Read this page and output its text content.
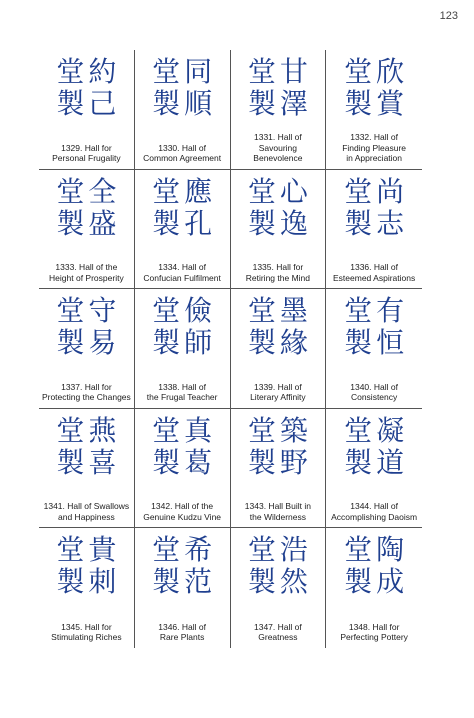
123
約
己
堂
製
1329. Hall for
Personal Frugality
同
順
堂
製
1330. Hall of
Common Agreement
甘
澤
堂
製
1331. Hall of
Savouring
Benevolence
欣
賞
堂
製
1332. Hall of
Finding Pleasure
in Appreciation
全
盛
堂
製
1333. Hall of the
Height of Prosperity
應
孔
堂
製
1334. Hall of
Confucian Fulfilment
心
逸
堂
製
1335. Hall for
Retiring the Mind
尚
志
堂
製
1336. Hall of
Esteemed Aspirations
守
易
堂
製
1337. Hall for
Protecting the Changes
儉
師
堂
製
1338. Hall of
the Frugal Teacher
墨
緣
堂
製
1339. Hall of
Literary Affinity
有
恒
堂
製
1340. Hall of
Consistency
燕
喜
堂
製
1341. Hall of Swallows
and Happiness
真
葛
堂
製
1342. Hall of the
Genuine Kudzu Vine
築
野
堂
製
1343. Hall Built in
the Wilderness
凝
道
堂
製
1344. Hall of
Accomplishing Daoism
貴
刺
堂
製
1345. Hall for
Stimulating Riches
希
范
堂
製
1346. Hall of
Rare Plants
浩
然
堂
製
1347. Hall of
Greatness
陶
成
堂
製
1348. Hall for
Perfecting Pottery
